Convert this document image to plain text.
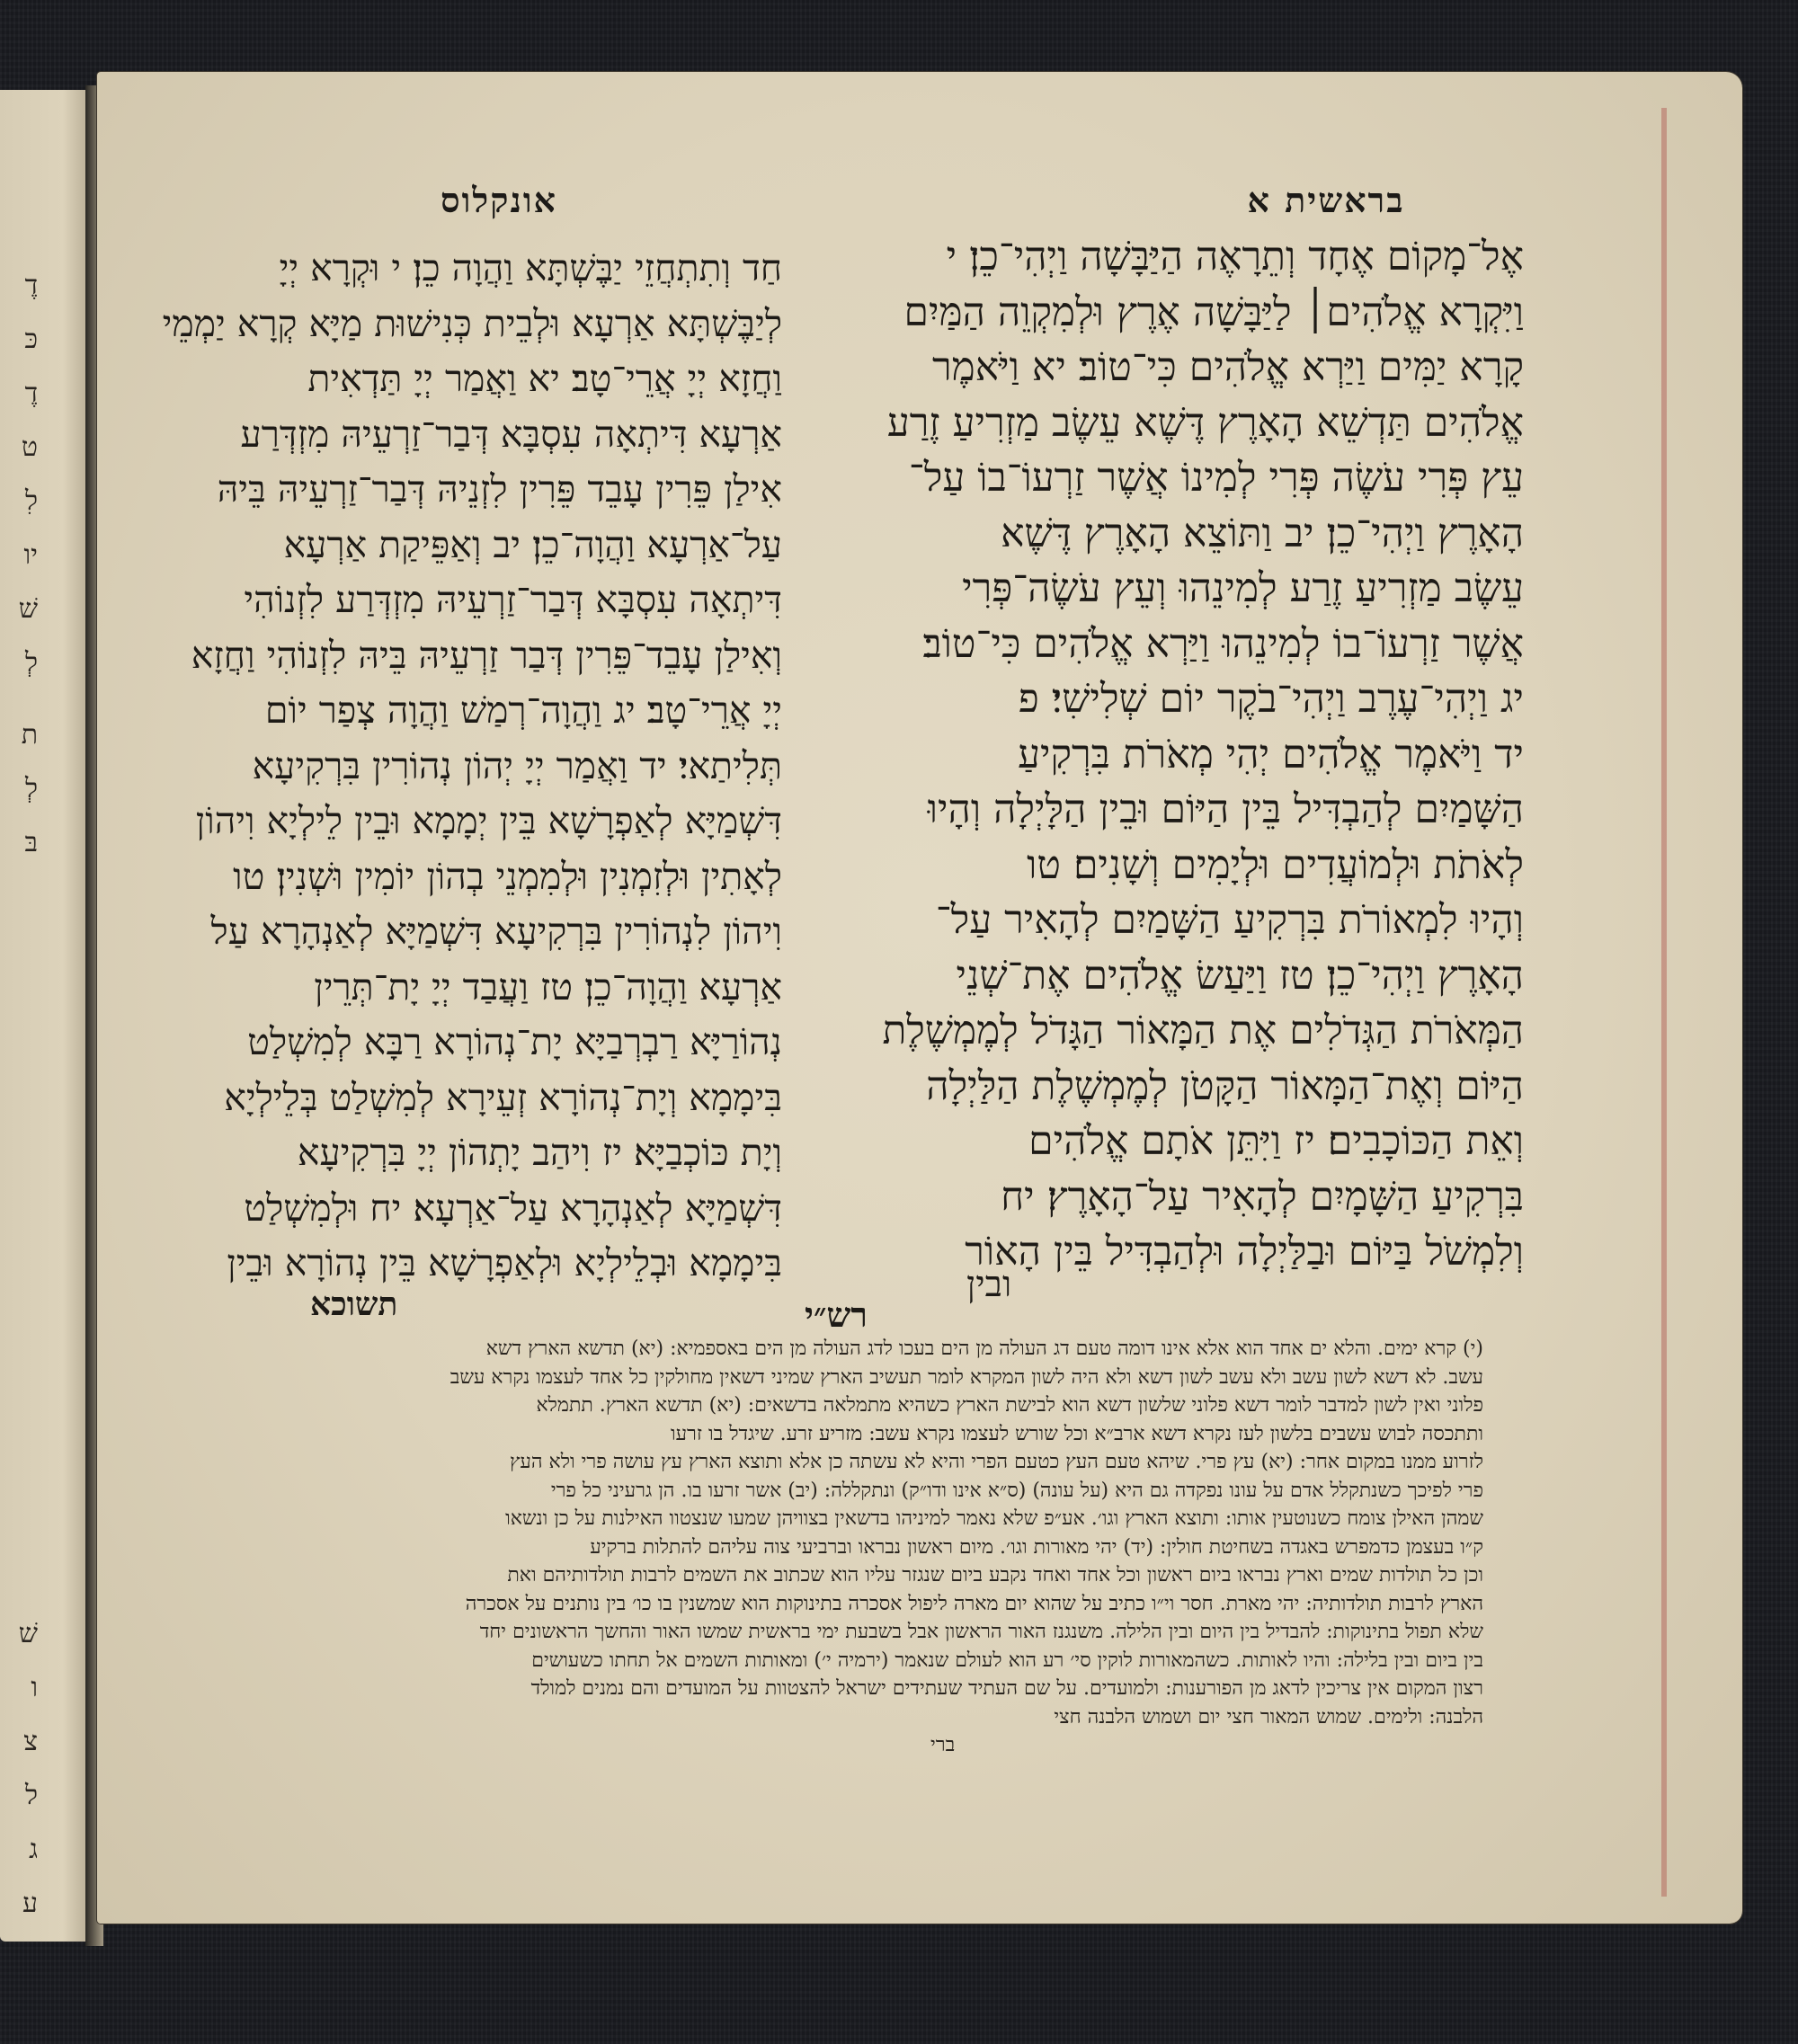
דֶ
כּ
דֶ
ט
לִ
יו
שׁ
לְ
ת
לְ
בּ
שׁ
ו
צ
ל
ג
ע
בראשית א
אונקלוס
אֶל־מָקוֹם אֶחָד וְתֵרָאֶה הַיַּבָּשָׁה וַיְהִי־כֵן׃ י
וַיִּקְרָא אֱלֹהִים׀ לַיַּבָּשָׁה אֶרֶץ וּלְמִקְוֵה הַמַּיִם
קָרָא יַמִּים וַיַּרְא אֱלֹהִים כִּי־טוֹב׃ יא וַיֹּאמֶר
אֱלֹהִים תַּדְשֵׁא הָאָרֶץ דֶּשֶׁא עֵשֶׂב מַזְרִיעַ זֶרַע
עֵץ פְּרִי עֹשֶׂה פְּרִי לְמִינוֹ אֲשֶׁר זַרְעוֹ־בוֹ עַל־
הָאָרֶץ וַיְהִי־כֵן׃ יב וַתּוֹצֵא הָאָרֶץ דֶּשֶׁא
עֵשֶׂב מַזְרִיעַ זֶרַע לְמִינֵהוּ וְעֵץ עֹשֶׂה־פְּרִי
אֲשֶׁר זַרְעוֹ־בוֹ לְמִינֵהוּ וַיַּרְא אֱלֹהִים כִּי־טוֹב׃
יג וַיְהִי־עֶרֶב וַיְהִי־בֹקֶר יוֹם שְׁלִישִׁי׃ פ
יד וַיֹּאמֶר אֱלֹהִים יְהִי מְאֹרֹת בִּרְקִיעַ
הַשָּׁמַיִם לְהַבְדִּיל בֵּין הַיּוֹם וּבֵין הַלָּיְלָה וְהָיוּ
לְאֹתֹת וּלְמוֹעֲדִים וּלְיָמִים וְשָׁנִים׃ טו
וְהָיוּ לִמְאוֹרֹת בִּרְקִיעַ הַשָּׁמַיִם לְהָאִיר עַל־
הָאָרֶץ וַיְהִי־כֵן׃ טז וַיַּעַשׂ אֱלֹהִים אֶת־שְׁנֵי
הַמְּאֹרֹת הַגְּדֹלִים אֶת הַמָּאוֹר הַגָּדֹל לְמֶמְשֶׁלֶת
הַיּוֹם וְאֶת־הַמָּאוֹר הַקָּטֹן לְמֶמְשֶׁלֶת הַלַּיְלָה
וְאֵת הַכּוֹכָבִים׃ יז וַיִּתֵּן אֹתָם אֱלֹהִים
בִּרְקִיעַ הַשָּׁמָיִם לְהָאִיר עַל־הָאָרֶץ׃ יח
וְלִמְשֹׁל בַּיּוֹם וּבַלַּיְלָה וּלְהַבְדִּיל בֵּין הָאוֹר
ובין
חַד וְתִתְחֲזֵי יַבֶּשְׁתָּא וַהֲוָה כֵן׃ י וּקְרָא יְיָ
לְיַבֶּשְׁתָּא אַרְעָא וּלְבֵית כְּנִישׁוּת מַיָּא קְרָא יַמְמֵי
וַחֲזָא יְיָ אֲרֵי־טָב׃ יא וַאֲמַר יְיָ תַּדְאִית
אַרְעָא דִּיתְאָה עִסְבָּא דְּבַר־זַרְעֵיהּ מִזְדְּרַע
אִילַן פֵּרִין עָבֵד פֵּרִין לִזְנֵיהּ דְּבַר־זַרְעֵיהּ בֵּיהּ
עַל־אַרְעָא וַהֲוָה־כֵן׃ יב וְאַפֵּיקַת אַרְעָא
דִּיתְאָה עִסְבָּא דְּבַר־זַרְעֵיהּ מִזְדְּרַע לִזְנוֹהִי
וְאִילַן עָבֵד־פֵּרִין דְּבַר זַרְעֵיהּ בֵּיהּ לִזְנוֹהִי וַחֲזָא
יְיָ אֲרֵי־טָב׃ יג וַהֲוָה־רְמַשׁ וַהֲוָה צְפַר יוֹם
תְּלִיתַאי׃ יד וַאֲמַר יְיָ יְהוֹן נְהוֹרִין בִּרְקִיעָא
דִּשְׁמַיָּא לְאַפְרָשָׁא בֵּין יְמָמָא וּבֵין לֵילְיָא וִיהוֹן
לְאָתִין וּלְזִמְנִין וּלְמִמְנֵי בְהוֹן יוֹמִין וּשְׁנִין׃ טו
וִיהוֹן לִנְהוֹרִין בִּרְקִיעָא דִּשְׁמַיָּא לְאַנְהָרָא עַל
אַרְעָא וַהֲוָה־כֵן׃ טז וַעֲבַד יְיָ יָת־תְּרֵין
נְהוֹרַיָּא רַבְרְבַיָּא יָת־נְהוֹרָא רַבָּא לְמִשְׁלַט
בִּימָמָא וְיָת־נְהוֹרָא זְעֵירָא לְמִשְׁלַט בְּלֵילְיָא
וְיָת כּוֹכְבַיָּא׃ יז וִיהַב יָתְהוֹן יְיָ בִּרְקִיעָא
דִּשְׁמַיָּא לְאַנְהָרָא עַל־אַרְעָא׃ יח וּלְמִשְׁלַט
בִּימָמָא וּבְלֵילְיָא וּלְאַפְרָשָׁא בֵּין נְהוֹרָא וּבֵין
תשוכא	רש״י
(י) קרא ימים. והלא ים אחד הוא אלא אינו דומה טעם דג העולה מן הים בעכו לדג העולה מן הים באספמיא: (יא) תדשא הארץ דשא
עשב. לא דשא לשון עשב ולא עשב לשון דשא ולא היה לשון המקרא לומר תעשיב הארץ שמיני דשאין מחולקין כל אחד לעצמו נקרא עשב
פלוני ואין לשון למדבר לומר דשא פלוני שלשון דשא הוא לבישת הארץ כשהיא מתמלאה בדשאים: (יא) תדשא הארץ. תתמלא
ותתכסה לבוש עשבים בלשון לעז נקרא דשא ארב״א וכל שורש לעצמו נקרא עשב: מזריע זרע. שיגדל בו זרעו
לזרוע ממנו במקום אחר: (יא) עץ פרי. שיהא טעם העץ כטעם הפרי והיא לא עשתה כן אלא ותוצא הארץ עץ עושה פרי ולא העץ
פרי לפיכך כשנתקלל אדם על עונו נפקדה גם היא (על עונה) (ס״א אינו ודו״ק) ונתקללה: (יב) אשר זרעו בו. הן גרעיני כל פרי
שמהן האילן צומח כשנוטעין אותו: ותוצא הארץ וגו׳. אע״פ שלא נאמר למיניהו בדשאין בצוויהן שמעו שנצטוו האילנות על כן ונשאו
ק״ו בעצמן כדמפרש באגדה בשחיטת חולין: (יד) יהי מאורות וגו׳. מיום ראשון נבראו וברביעי צוה עליהם להתלות ברקיע
וכן כל תולדות שמים וארץ נבראו ביום ראשון וכל אחד ואחד נקבע ביום שנגזר עליו הוא שכתוב את השמים לרבות תולדותיהם ואת
הארץ לרבות תולדותיה: יהי מארת. חסר וי״ו כתיב על שהוא יום מארה ליפול אסכרה בתינוקות הוא שמשנין בו כו׳ בין נותנים על אסכרה
שלא תפול בתינוקות: להבדיל בין היום ובין הלילה. משנגנז האור הראשון אבל בשבעת ימי בראשית שמשו האור והחשך הראשונים יחד
בין ביום ובין בלילה: והיו לאותות. כשהמאורות לוקין סי׳ רע הוא לעולם שנאמר (ירמיה י׳) ומאותות השמים אל תחתו כשעושים
רצון המקום אין צריכין לדאג מן הפורענות: ולמועדים. על שם העתיד שעתידים ישראל להצטוות על המועדים והם נמנים למולד
הלבנה: ולימים. שמוש המאור חצי יום ושמוש הלבנה חצי
ברי
